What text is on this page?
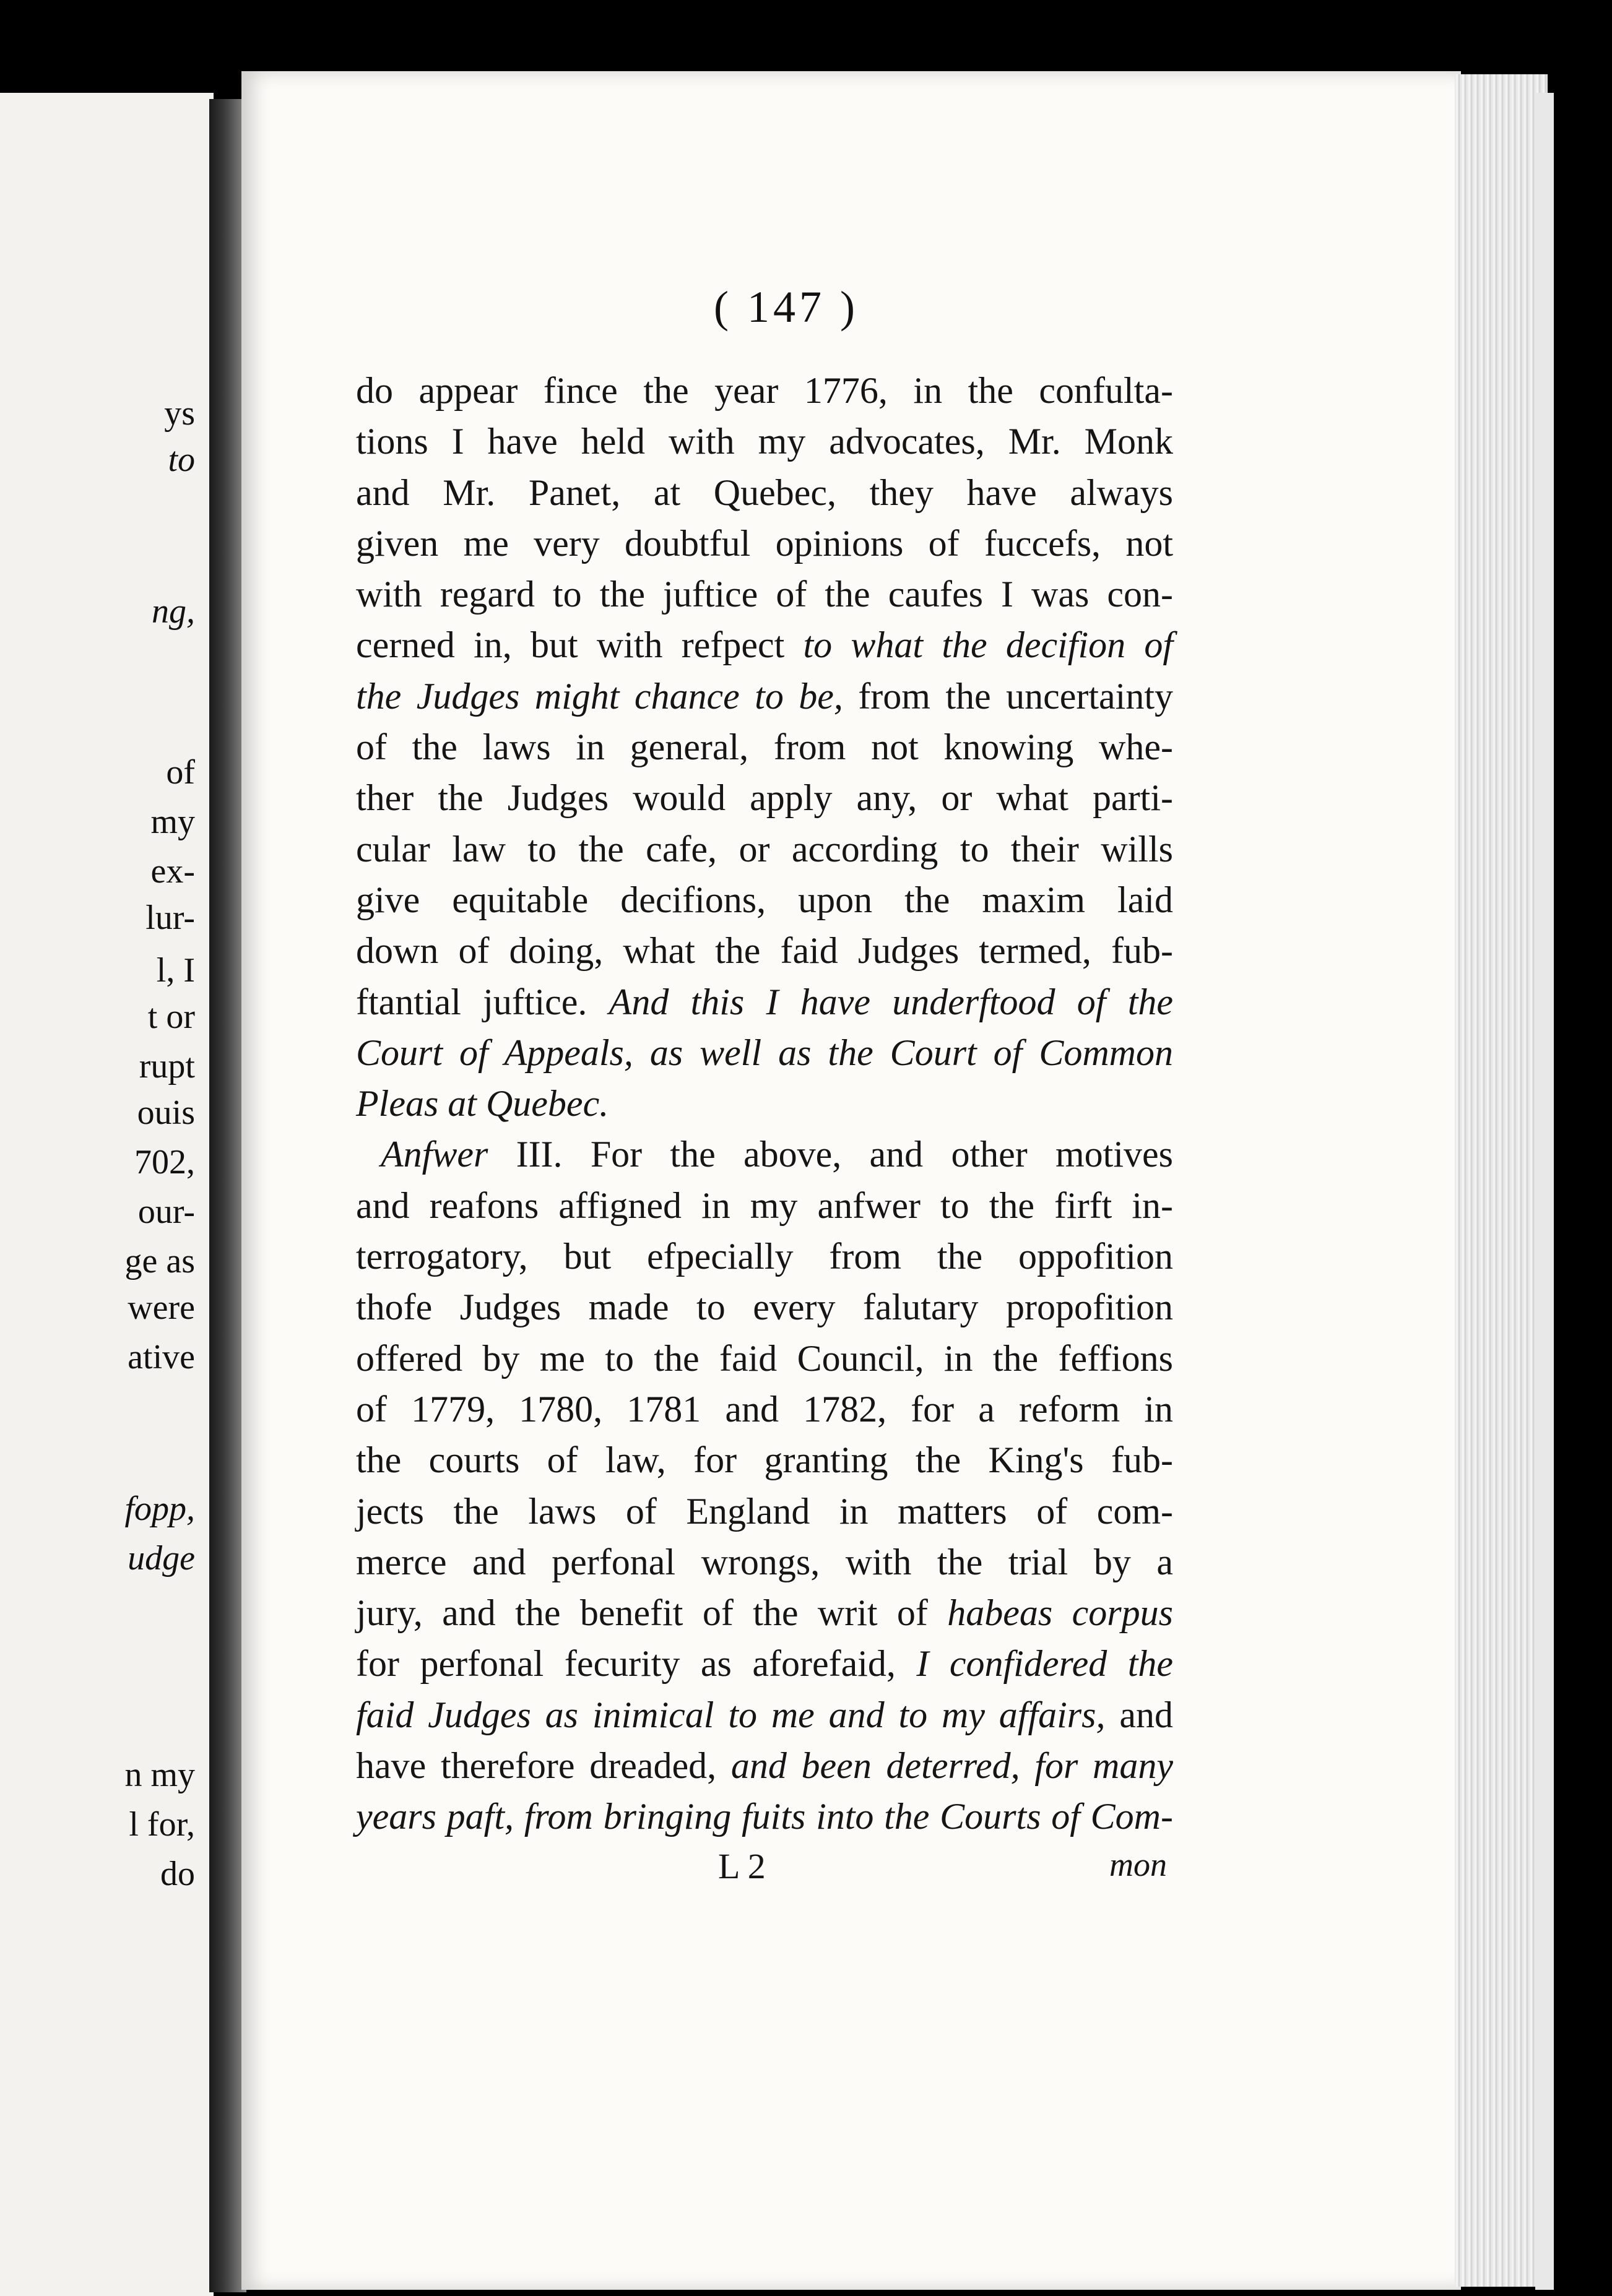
ys
to
ng,
of
my
ex-
lur-
l, I
t or
rupt
ouis
702,
our-
ge as
were
ative
fopp,
udge
n my
l for,
do
( 147 )
do appear fince the year 1776, in the confulta-
tions I have held with my advocates, Mr. Monk
and Mr. Panet, at Quebec, they have always
given me very doubtful opinions of fuccefs, not
with regard to the juftice of the caufes I was con-
cerned in, but with refpect to what the decifion of
the Judges might chance to be, from the uncertainty
of the laws in general, from not knowing whe-
ther the Judges would apply any, or what parti-
cular law to the cafe, or according to their wills
give equitable decifions, upon the maxim laid
down of doing, what the faid Judges termed, fub-
ftantial juftice. And this I have underftood of the
Court of Appeals, as well as the Court of Common
Pleas at Quebec.
Anfwer III. For the above, and other motives
and reafons affigned in my anfwer to the firft in-
terrogatory, but efpecially from the oppofition
thofe Judges made to every falutary propofition
offered by me to the faid Council, in the feffions
of 1779, 1780, 1781 and 1782, for a reform in
the courts of law, for granting the King's fub-
jects the laws of England in matters of com-
merce and perfonal wrongs, with the trial by a
jury, and the benefit of the writ of habeas corpus
for perfonal fecurity as aforefaid, I confidered the
faid Judges as inimical to me and to my affairs, and
have therefore dreaded, and been deterred, for many
years paft, from bringing fuits into the Courts of Com-
L 2	mon
